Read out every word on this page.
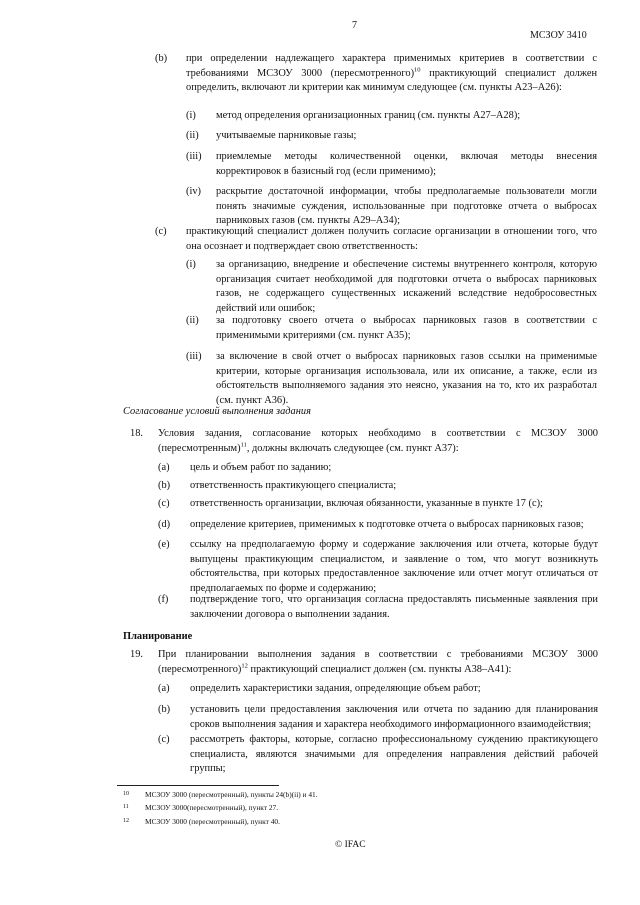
7
МСЗОУ 3410
(b) при определении надлежащего характера применимых критериев в соответствии с требованиями МСЗОУ 3000 (пересмотренного)$^{10}$ практикующий специалист должен определить, включают ли критерии как минимум следующее (см. пункты A23–A26):
(i) метод определения организационных границ (см. пункты A27–A28);
(ii) учитываемые парниковые газы;
(iii) приемлемые методы количественной оценки, включая методы внесения корректировок в базисный год (если применимо);
(iv) раскрытие достаточной информации, чтобы предполагаемые пользователи могли понять значимые суждения, использованные при подготовке отчета о выбросах парниковых газов (см. пункты A29–A34);
(c) практикующий специалист должен получить согласие организации в отношении того, что она осознает и подтверждает свою ответственность:
(i) за организацию, внедрение и обеспечение системы внутреннего контроля, которую организация считает необходимой для подготовки отчета о выбросах парниковых газов, не содержащего существенных искажений вследствие недобросовестных действий или ошибок;
(ii) за подготовку своего отчета о выбросах парниковых газов в соответствии с применимыми критериями (см. пункт A35);
(iii) за включение в свой отчет о выбросах парниковых газов ссылки на применимые критерии, которые организация использовала, или их описание, а также, если из обстоятельств выполняемого задания это неясно, указания на то, кто их разработал (см. пункт A36).
Согласование условий выполнения задания
18. Условия задания, согласование которых необходимо в соответствии с МСЗОУ 3000 (пересмотренным)$^{11}$, должны включать следующее (см. пункт A37):
(a) цель и объем работ по заданию;
(b) ответственность практикующего специалиста;
(c) ответственность организации, включая обязанности, указанные в пункте 17 (c);
(d) определение критериев, применимых к подготовке отчета о выбросах парниковых газов;
(e) ссылку на предполагаемую форму и содержание заключения или отчета, которые будут выпущены практикующим специалистом, и заявление о том, что могут возникнуть обстоятельства, при которых предоставленное заключение или отчет могут отличаться от предполагаемых по форме и содержанию;
(f) подтверждение того, что организация согласна предоставлять письменные заявления при заключении договора о выполнении задания.
Планирование
19. При планировании выполнения задания в соответствии с требованиями МСЗОУ 3000 (пересмотренного)$^{12}$ практикующий специалист должен (см. пункты A38–A41):
(a) определить характеристики задания, определяющие объем работ;
(b) установить цели предоставления заключения или отчета по заданию для планирования сроков выполнения задания и характера необходимого информационного взаимодействия;
(c) рассмотреть факторы, которые, согласно профессиональному суждению практикующего специалиста, являются значимыми для определения направления действий рабочей группы;
10 МСЗОУ 3000 (пересмотренный), пункты 24(b)(ii) и 41.
11 МСЗОУ 3000(пересмотренный), пункт 27.
12 МСЗОУ 3000 (пересмотренный), пункт 40.
© IFAC
